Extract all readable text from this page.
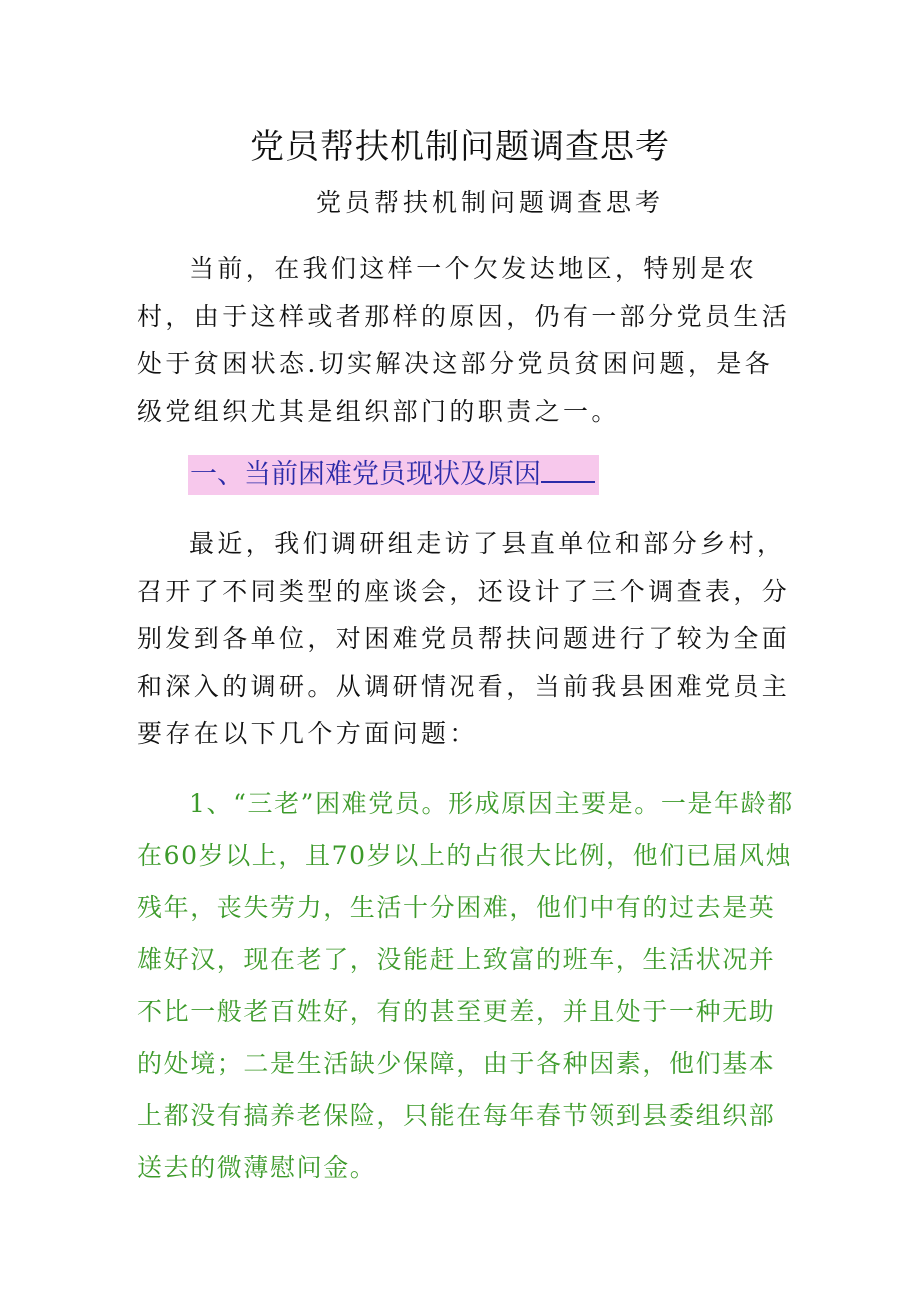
党员帮扶机制问题调查思考
党员帮扶机制问题调查思考

当前，在我们这样一个欠发达地区，特别是农村，由于这样或者那样的原因，仍有一部分党员生活处于贫困状态.切实解决这部分党员贫困问题，是各级党组织尤其是组织部门的职责之一。

一、当前困难党员现状及原因

最近，我们调研组走访了县直单位和部分乡村，召开了不同类型的座谈会，还设计了三个调查表，分别发到各单位，对困难党员帮扶问题进行了较为全面和深入的调研。从调研情况看，当前我县困难党员主要存在以下几个方面问题：

1、“三老”困难党员。形成原因主要是。一是年龄都在60岁以上，且70岁以上的占很大比例，他们已届风烛残年，丧失劳力，生活十分困难，他们中有的过去是英雄好汉，现在老了，没能赶上致富的班车，生活状况并不比一般老百姓好，有的甚至更差，并且处于一种无助的处境；二是生活缺少保障，由于各种因素，他们基本上都没有搞养老保险，只能在每年春节领到县委组织部送去的微薄慰问金。
